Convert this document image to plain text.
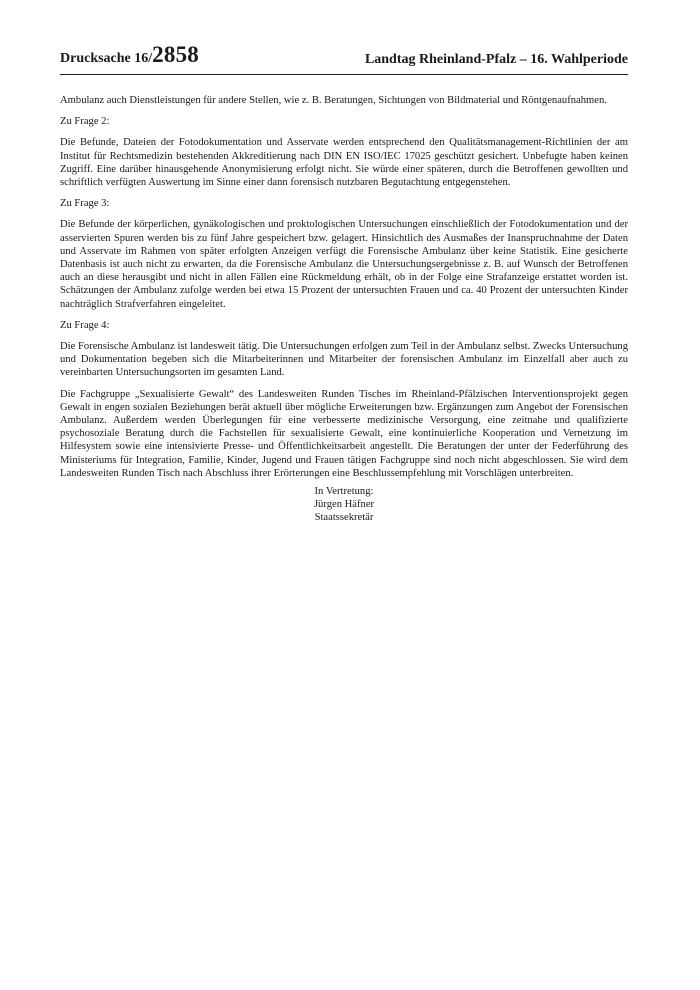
Drucksache 16/2858	Landtag Rheinland-Pfalz – 16. Wahlperiode

Ambulanz auch Dienstleistungen für andere Stellen, wie z. B. Beratungen, Sichtungen von Bildmaterial und Röntgenaufnahmen.

Zu Frage 2:

Die Befunde, Dateien der Fotodokumentation und Asservate werden entsprechend den Qualitätsmanagement-Richtlinien der am Institut für Rechtsmedizin bestehenden Akkreditierung nach DIN EN ISO/IEC 17025 geschützt gesichert. Unbefugte haben keinen Zugriff. Eine darüber hinausgehende Anonymisierung erfolgt nicht. Sie würde einer späteren, durch die Betroffenen gewollten und schriftlich verfügten Auswertung im Sinne einer dann forensisch nutzbaren Begutachtung entgegenstehen.

Zu Frage 3:

Die Befunde der körperlichen, gynäkologischen und proktologischen Untersuchungen einschließlich der Fotodokumentation und der asservierten Spuren werden bis zu fünf Jahre gespeichert bzw. gelagert. Hinsichtlich des Ausmaßes der Inanspruchnahme der Daten und Asservate im Rahmen von später erfolgten Anzeigen verfügt die Forensische Ambulanz über keine Statistik. Eine gesicherte Datenbasis ist auch nicht zu erwarten, da die Forensische Ambulanz die Untersuchungsergebnisse z. B. auf Wunsch der Betroffenen auch an diese herausgibt und nicht in allen Fällen eine Rückmeldung erhält, ob in der Folge eine Strafanzeige erstattet worden ist. Schätzungen der Ambulanz zufolge werden bei etwa 15 Prozent der untersuchten Frauen und ca. 40 Prozent der untersuchten Kinder nachträglich Strafverfahren eingeleitet.

Zu Frage 4:

Die Forensische Ambulanz ist landesweit tätig. Die Untersuchungen erfolgen zum Teil in der Ambulanz selbst. Zwecks Untersuchung und Dokumentation begeben sich die Mitarbeiterinnen und Mitarbeiter der forensischen Ambulanz im Einzelfall aber auch zu vereinbarten Untersuchungsorten im gesamten Land.

Die Fachgruppe „Sexualisierte Gewalt“ des Landesweiten Runden Tisches im Rheinland-Pfälzischen Interventionsprojekt gegen Gewalt in engen sozialen Beziehungen berät aktuell über mögliche Erweiterungen bzw. Ergänzungen zum Angebot der Forensischen Ambulanz. Außerdem werden Überlegungen für eine verbesserte medizinische Versorgung, eine zeitnahe und qualifizierte psychosoziale Beratung durch die Fachstellen für sexualisierte Gewalt, eine kontinuierliche Kooperation und Vernetzung im Hilfesystem sowie eine intensivierte Presse- und Öffentlichkeitsarbeit angestellt. Die Beratungen der unter der Federführung des Ministeriums für Integration, Familie, Kinder, Jugend und Frauen tätigen Fachgruppe sind noch nicht abgeschlossen. Sie wird dem Landesweiten Runden Tisch nach Abschluss ihrer Erörterungen eine Beschlussempfehlung mit Vorschlägen unterbreiten.

In Vertretung:
Jürgen Häfner
Staatssekretär
